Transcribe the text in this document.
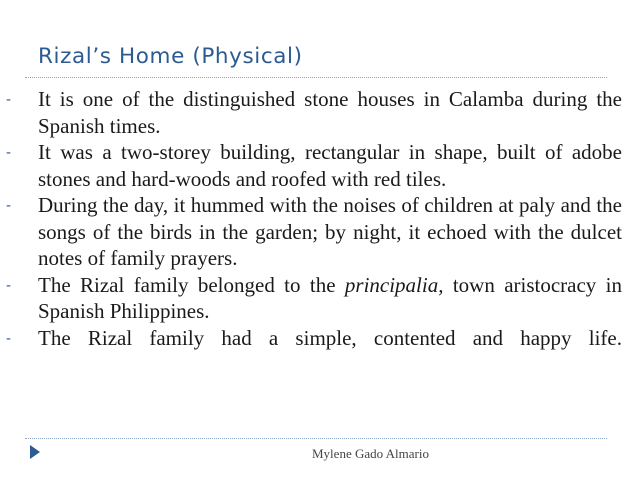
Rizal’s Home (Physical)
- It is one of the distinguished stone houses in Calamba during the Spanish times.
- It was a two-storey building, rectangular in shape, built of adobe stones and hard-woods and roofed with red tiles.
- During the day, it hummed with the noises of children at paly and the songs of the birds in the garden; by night, it echoed with the dulcet notes of family prayers.
- The Rizal family belonged to the principalia, town aristocracy in Spanish Philippines.
- The Rizal family had a simple, contented and happy life.
Mylene Gado Almario
